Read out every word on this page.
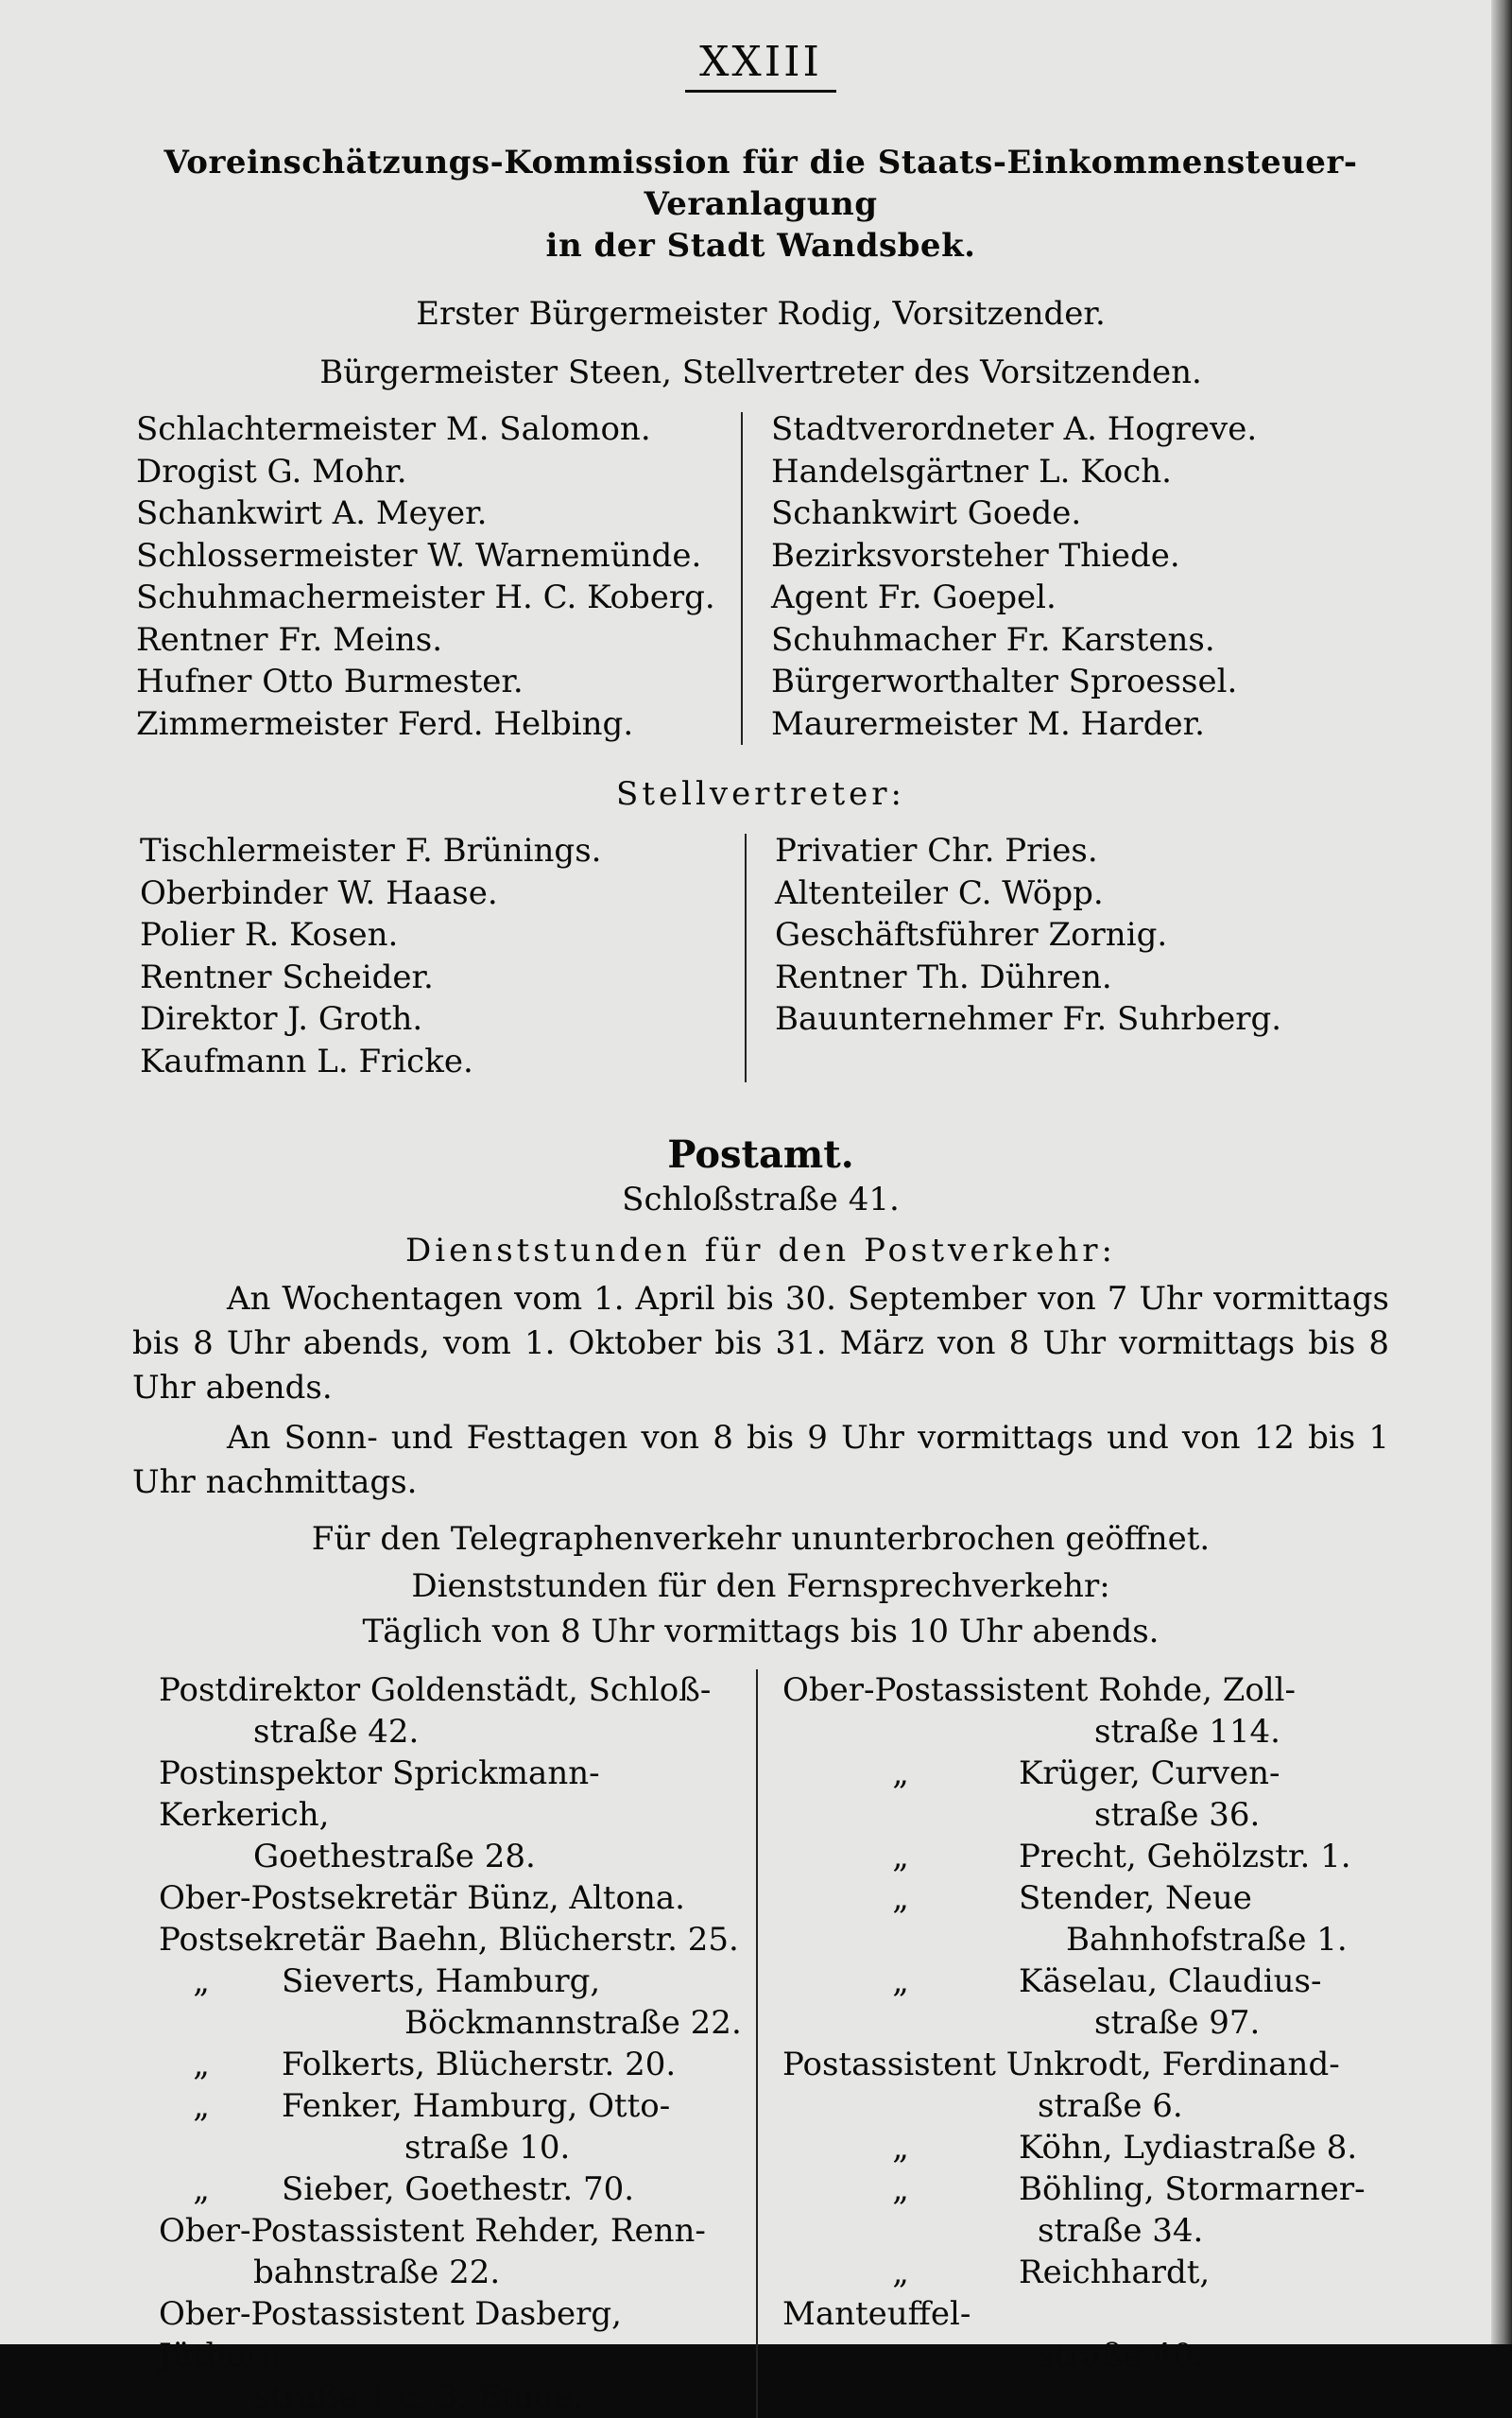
XXIII
Voreinschätzungs-Kommission für die Staats-Einkommensteuer-Veranlagung
in der Stadt Wandsbek.
Erster Bürgermeister Rodig, Vorsitzender.
Bürgermeister Steen, Stellvertreter des Vorsitzenden.
Schlachtermeister M. Salomon.
Drogist G. Mohr.
Schankwirt A. Meyer.
Schlossermeister W. Warnemünde.
Schuhmachermeister H. C. Koberg.
Rentner Fr. Meins.
Hufner Otto Burmester.
Zimmermeister Ferd. Helbing.
Stadtverordneter A. Hogreve.
Handelsgärtner L. Koch.
Schankwirt Goede.
Bezirksvorsteher Thiede.
Agent Fr. Goepel.
Schuhmacher Fr. Karstens.
Bürgerworthalter Sproessel.
Maurermeister M. Harder.
Stellvertreter:
Tischlermeister F. Brünings.
Oberbinder W. Haase.
Polier R. Kosen.
Rentner Scheider.
Direktor J. Groth.
Kaufmann L. Fricke.
Privatier Chr. Pries.
Altenteiler C. Wöpp.
Geschäftsführer Zornig.
Rentner Th. Dühren.
Bauunternehmer Fr. Suhrberg.
Postamt.
Schloßstraße 41.
Dienststunden für den Postverkehr:

An Wochentagen vom 1. April bis 30. September von 7 Uhr vormittags bis 8 Uhr abends, vom 1. Oktober bis 31. März von 8 Uhr vormittags bis 8 Uhr abends.

An Sonn- und Festtagen von 8 bis 9 Uhr vormittags und von 12 bis 1 Uhr nachmittags.

Für den Telegraphenverkehr ununterbrochen geöffnet.
Dienststunden für den Fernsprechverkehr:
Täglich von 8 Uhr vormittags bis 10 Uhr abends.
Postdirektor Goldenstädt, Schloß-
straße 42.
Postinspektor Sprickmann-Kerkerich,
Goethestraße 28.
Ober-Postsekretär Bünz, Altona.
Postsekretär Baehn, Blücherstr. 25.
„ Sieverts, Hamburg,
Böckmannstraße 22.
„ Folkerts, Blücherstr. 20.
„ Fenker, Hamburg, Otto-
straße 10.
„ Sieber, Goethestr. 70.
Ober-Postassistent Rehder, Renn-
bahnstraße 22.
Ober-Postassistent Dasberg, Jüthorn-
straße 1 c, 3. Etage.
Ober-Postassistent Rohde, Zoll-
straße 114.
„	Krüger, Curven-
straße 36.
„	Precht, Gehölzstr. 1.
„	Stender, Neue
Bahnhofstraße 1.
„	Käselau, Claudius-
straße 97.
Postassistent Unkrodt, Ferdinand-
straße 6.
„	Köhn, Lydiastraße 8.
„	Böhling, Stormarner-
straße 34.
„	Reichhardt, Manteuffel-
straße 40.
